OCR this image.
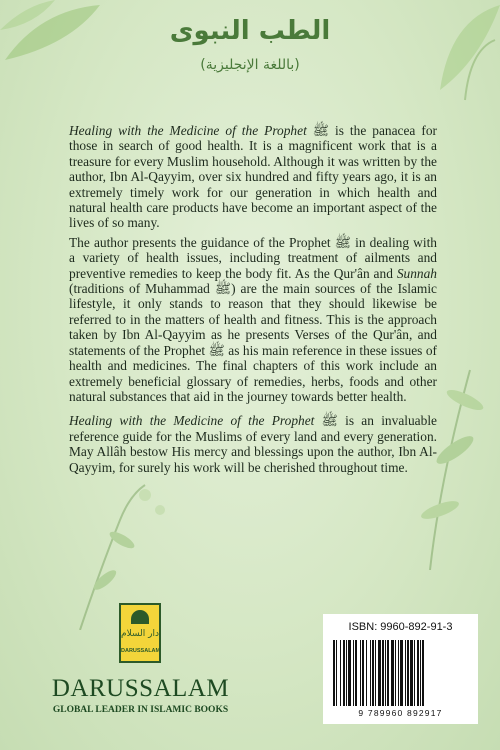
الطب النبوى
(باللغة الإنجليزية)

Healing with the Medicine of the Prophet ﷺ is the panacea for those in search of good health. It is a magnificent work that is a treasure for every Muslim household. Although it was written by the author, Ibn Al-Qayyim, over six hundred and fifty years ago, it is an extremely timely work for our generation in which health and natural health care products have become an important aspect of the lives of so many.

The author presents the guidance of the Prophet ﷺ in dealing with a variety of health issues, including treatment of ailments and preventive remedies to keep the body fit. As the Qur'ân and Sunnah (traditions of Muhammad ﷺ) are the main sources of the Islamic lifestyle, it only stands to reason that they should likewise be referred to in the matters of health and fitness. This is the approach taken by Ibn Al-Qayyim as he presents Verses of the Qur'ân, and statements of the Prophet ﷺ as his main reference in these issues of health and medicines. The final chapters of this work include an extremely beneficial glossary of remedies, herbs, foods and other natural substances that aid in the journey towards better health.

Healing with the Medicine of the Prophet ﷺ is an invaluable reference guide for the Muslims of every land and every generation. May Allâh bestow His mercy and blessings upon the author, Ibn Al-Qayyim, for surely his work will be cherished throughout time.

دار السلام
DARUSSALAM
DARUSSALAM
GLOBAL LEADER IN ISLAMIC BOOKS
ISBN: 9960-892-91-3
9 789960 892917
